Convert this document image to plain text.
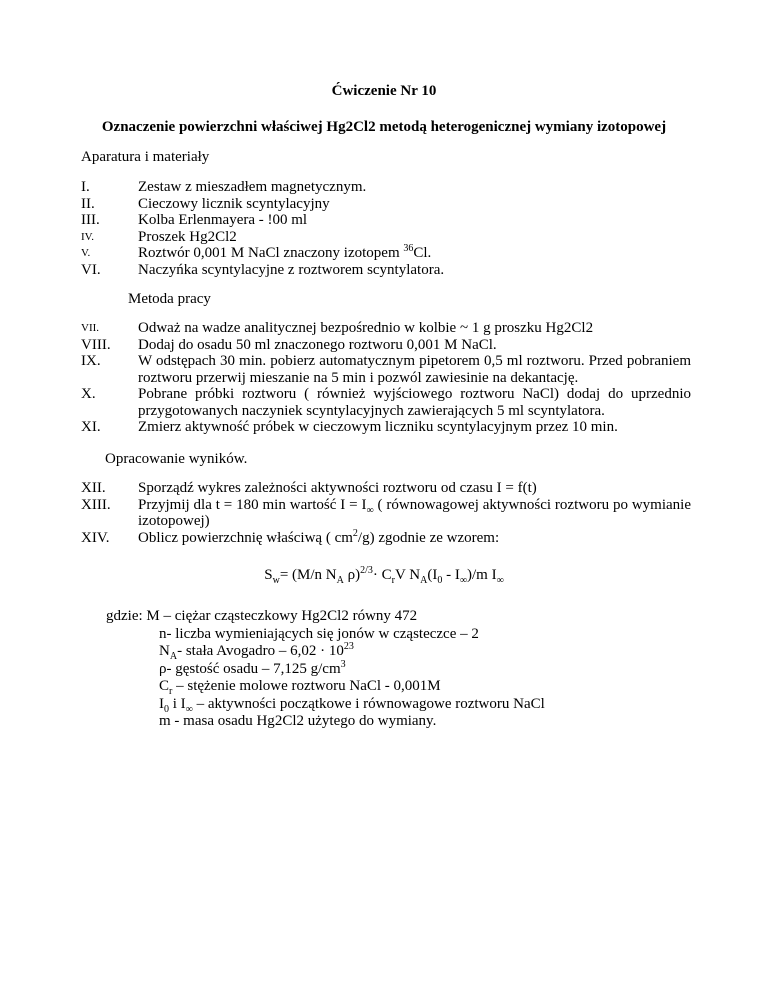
Ćwiczenie Nr 10
Oznaczenie powierzchni właściwej Hg2Cl2 metodą heterogenicznej wymiany izotopowej
Aparatura i materiały
I.	Zestaw z mieszadłem magnetycznym.
II.	Cieczowy licznik scyntylacyjny
III.	Kolba Erlenmayera - !00 ml
IV.	Proszek Hg2Cl2
V.	Roztwór 0,001 M NaCl znaczony izotopem $^{36}$Cl.
VI. Naczyńka scyntylacyjne z roztworem scyntylatora.
Metoda pracy
VII.	Odważ na wadze analitycznej bezpośrednio w kolbie ~ 1 g proszku Hg2Cl2
VIII. Dodaj do osadu 50 ml znaczonego roztworu 0,001 M NaCl.
IX. W odstępach 30 min. pobierz automatycznym pipetorem 0,5 ml roztworu. Przed pobraniem roztworu przerwij mieszanie na 5 min i pozwól zawiesinie na dekantację.
X.	Pobrane próbki roztworu ( również wyjściowego roztworu NaCl) dodaj do uprzednio przygotowanych naczyniek scyntylacyjnych zawierających 5 ml scyntylatora.
XI. Zmierz aktywność próbek w cieczowym liczniku scyntylacyjnym przez 10 min.
Opracowanie wyników.
XII. Sporządź wykres zależności aktywności roztworu od czasu I = f(t)
XIII. Przyjmij dla t = 180 min wartość $I = I_\infty$ ( równowagowej aktywności roztworu po wymianie izotopowej)
XIV. Oblicz powierzchnię właściwą ( $cm^2/g$) zgodnie ze wzorem:
$S_w= (M/n$ $N_A$ $\rho)^{2/3}\cdot C_rV$ $N_A(I_0 - I_\infty)/m$ $I_\infty$
gdzie: M – ciężar cząsteczkowy Hg2Cl2 równy 472
n- liczba wymieniających się jonów w cząsteczce – 2
$N_A-$ stała Avogadro – $6,02 \cdot 10^{23}$
ρ- gęstość osadu – 7,125 $g/cm^3$
$C_r$ – stężenie molowe roztworu NaCl - 0,001M
$I_0$ i $I_\infty$ – aktywności początkowe i równowagowe roztworu NaCl
m - masa osadu Hg2Cl2 użytego do wymiany.
